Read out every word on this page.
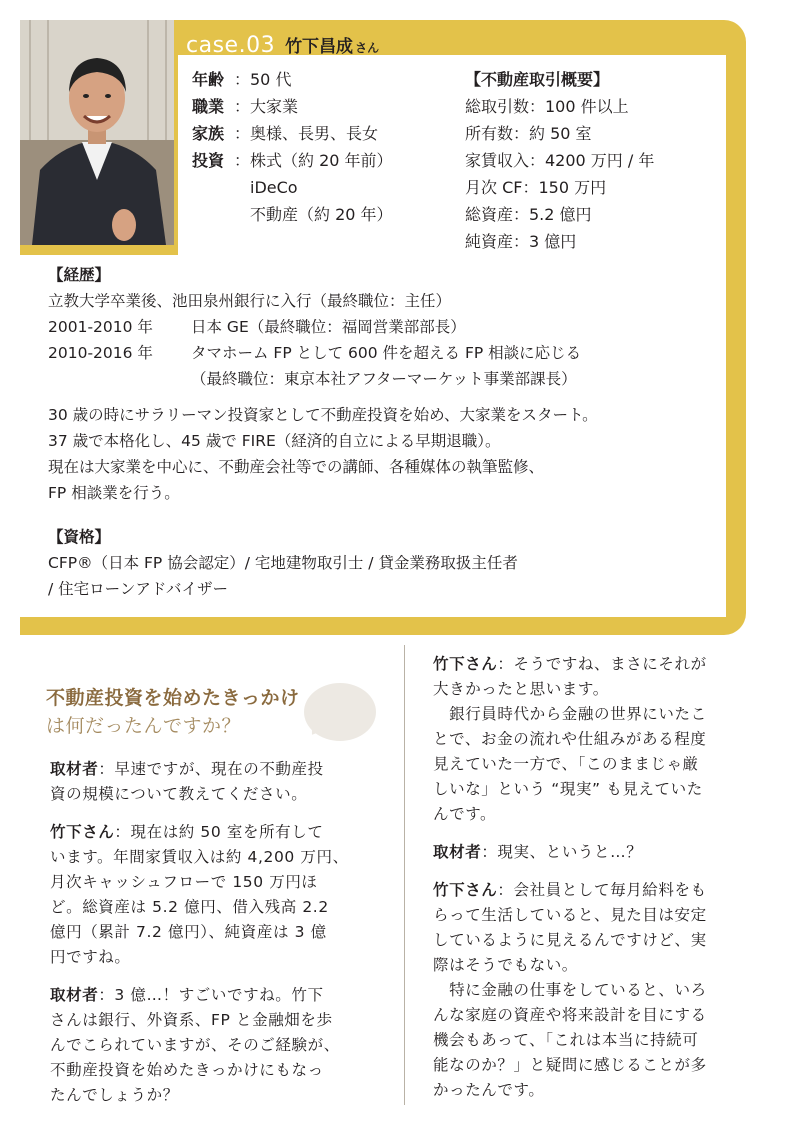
case.03 竹下昌成 さん
年齢 ： 50 代
職業 ： 大家業
家族 ： 奥様、長男、長女
投資 ： 株式（約 20 年前）
iDeCo
不動産（約 20 年）
【不動産取引概要】
総取引数：100 件以上
所有数：約 50 室
家賃収入：4200 万円 / 年
月次 CF：150 万円
総資産：5.2 億円
純資産：3 億円
【経歴】
立教大学卒業後、池田泉州銀行に入行（最終職位：主任）
2001-2010 年	日本 GE（最終職位：福岡営業部部長）
2010-2016 年	タマホーム FP として 600 件を超える FP 相談に応じる
（最終職位：東京本社アフターマーケット事業部課長）
30 歳の時にサラリーマン投資家として不動産投資を始め、大家業をスタート。
37 歳で本格化し、45 歳で FIRE（経済的自立による早期退職）。
現在は大家業を中心に、不動産会社等での講師、各種媒体の執筆監修、
FP 相談業を行う。
【資格】
CFP®（日本 FP 協会認定）/ 宅地建物取引士 / 貸金業務取扱主任者
/ 住宅ローンアドバイザー
不動産投資を始めたきっかけ
は何だったんですか？
取材者：早速ですが、現在の不動産投
資の規模について教えてください。
竹下さん：現在は約 50 室を所有して
います。年間家賃収入は約 4,200 万円、
月次キャッシュフローで 150 万円ほ
ど。総資産は 5.2 億円、借入残高 2.2
億円（累計 7.2 億円）、純資産は 3 億
円ですね。
取材者：3 億…！すごいですね。竹下
さんは銀行、外資系、FP と金融畑を歩
んでこられていますが、そのご経験が、
不動産投資を始めたきっかけにもなっ
たんでしょうか？
竹下さん：そうですね、まさにそれが
大きかったと思います。
　銀行員時代から金融の世界にいたこ
とで、お金の流れや仕組みがある程度
見えていた一方で、「このままじゃ厳
しいな」という “現実” も見えていた
んです。
取材者：現実、というと…？
竹下さん：会社員として毎月給料をも
らって生活していると、見た目は安定
しているように見えるんですけど、実
際はそうでもない。
　特に金融の仕事をしていると、いろ
んな家庭の資産や将来設計を目にする
機会もあって、「これは本当に持続可
能なのか？」と疑問に感じることが多
かったんです。
